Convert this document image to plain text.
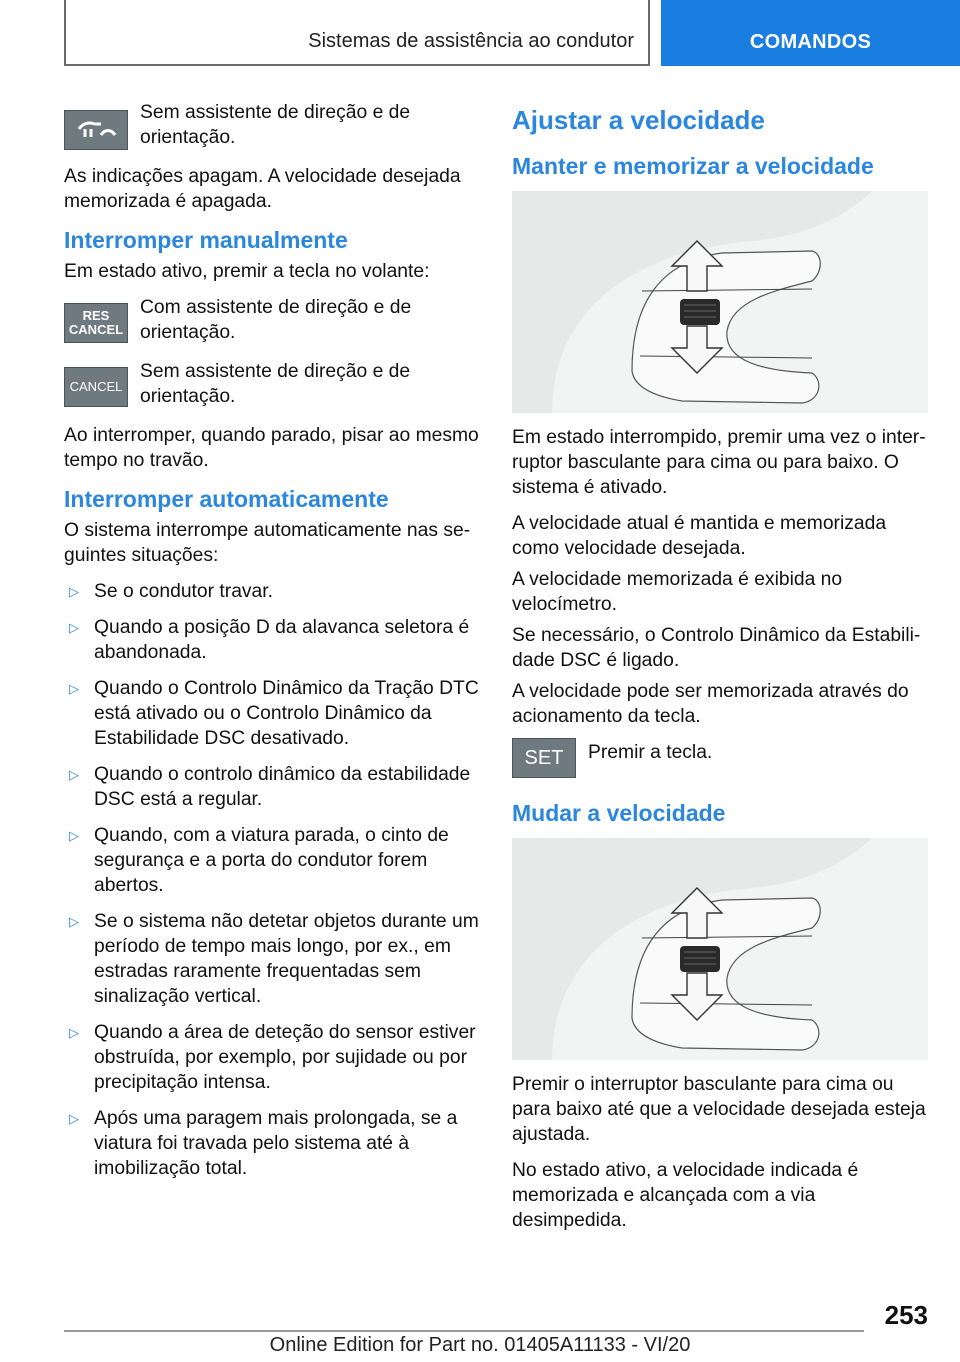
Sistemas de assistência ao condutor	COMANDOS

Sem assistente de direção e de orientação.

As indicações apagam. A velocidade desejada memorizada é apagada.

Interromper manualmente

Em estado ativo, premir a tecla no volante:

RES
CANCEL

Com assistente de direção e de orientação.

CANCEL

Sem assistente de direção e de orientação.

Ao interromper, quando parado, pisar ao mesmo tempo no travão.

Interromper automaticamente

O sistema interrompe automaticamente nas seguintes situações:

▷ Se o condutor travar.
▷ Quando a posição D da alavanca seletora é abandonada.
▷ Quando o Controlo Dinâmico da Tração DTC está ativado ou o Controlo Dinâmico da Estabilidade DSC desativado.
▷ Quando o controlo dinâmico da estabilidade DSC está a regular.
▷ Quando, com a viatura parada, o cinto de segurança e a porta do condutor forem abertos.
▷ Se o sistema não detetar objetos durante um período de tempo mais longo, por ex., em estradas raramente frequentadas sem sinalização vertical.
▷ Quando a área de deteção do sensor estiver obstruída, por exemplo, por sujidade ou por precipitação intensa.
▷ Após uma paragem mais prolongada, se a viatura foi travada pelo sistema até à imobilização total.
Ajustar a velocidade
Manter e memorizar a velocidade

Em estado interrompido, premir uma vez o interruptor basculante para cima ou para baixo. O sistema é ativado.

A velocidade atual é mantida e memorizada como velocidade desejada.

A velocidade memorizada é exibida no velocímetro.

Se necessário, o Controlo Dinâmico da Estabilidade DSC é ligado.

A velocidade pode ser memorizada através do acionamento da tecla.

SET Premir a tecla.

Mudar a velocidade

Premir o interruptor basculante para cima ou para baixo até que a velocidade desejada esteja ajustada.

No estado ativo, a velocidade indicada é memorizada e alcançada com a via desimpedida.

253
Online Edition for Part no. 01405A11133 - VI/20
